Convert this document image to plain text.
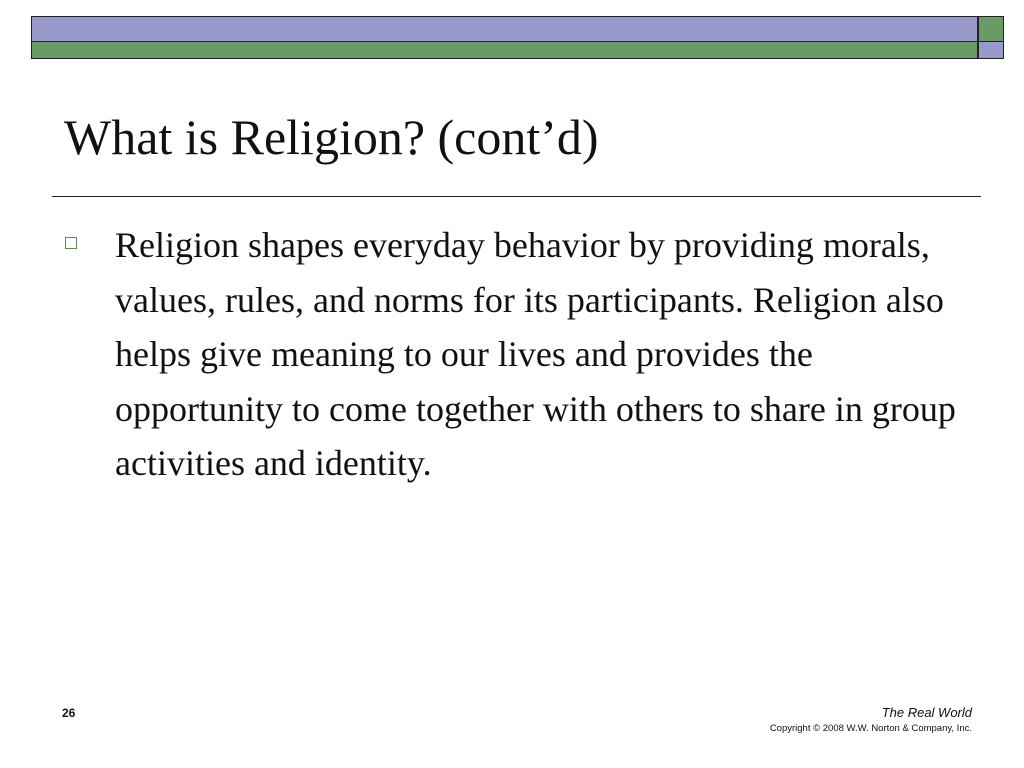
What is Religion? (cont’d)

Religion shapes everyday behavior by providing morals, values, rules, and norms for its participants. Religion also helps give meaning to our lives and provides the opportunity to come together with others to share in group activities and identity.

26	The Real World
Copyright © 2008 W.W. Norton & Company, Inc.
